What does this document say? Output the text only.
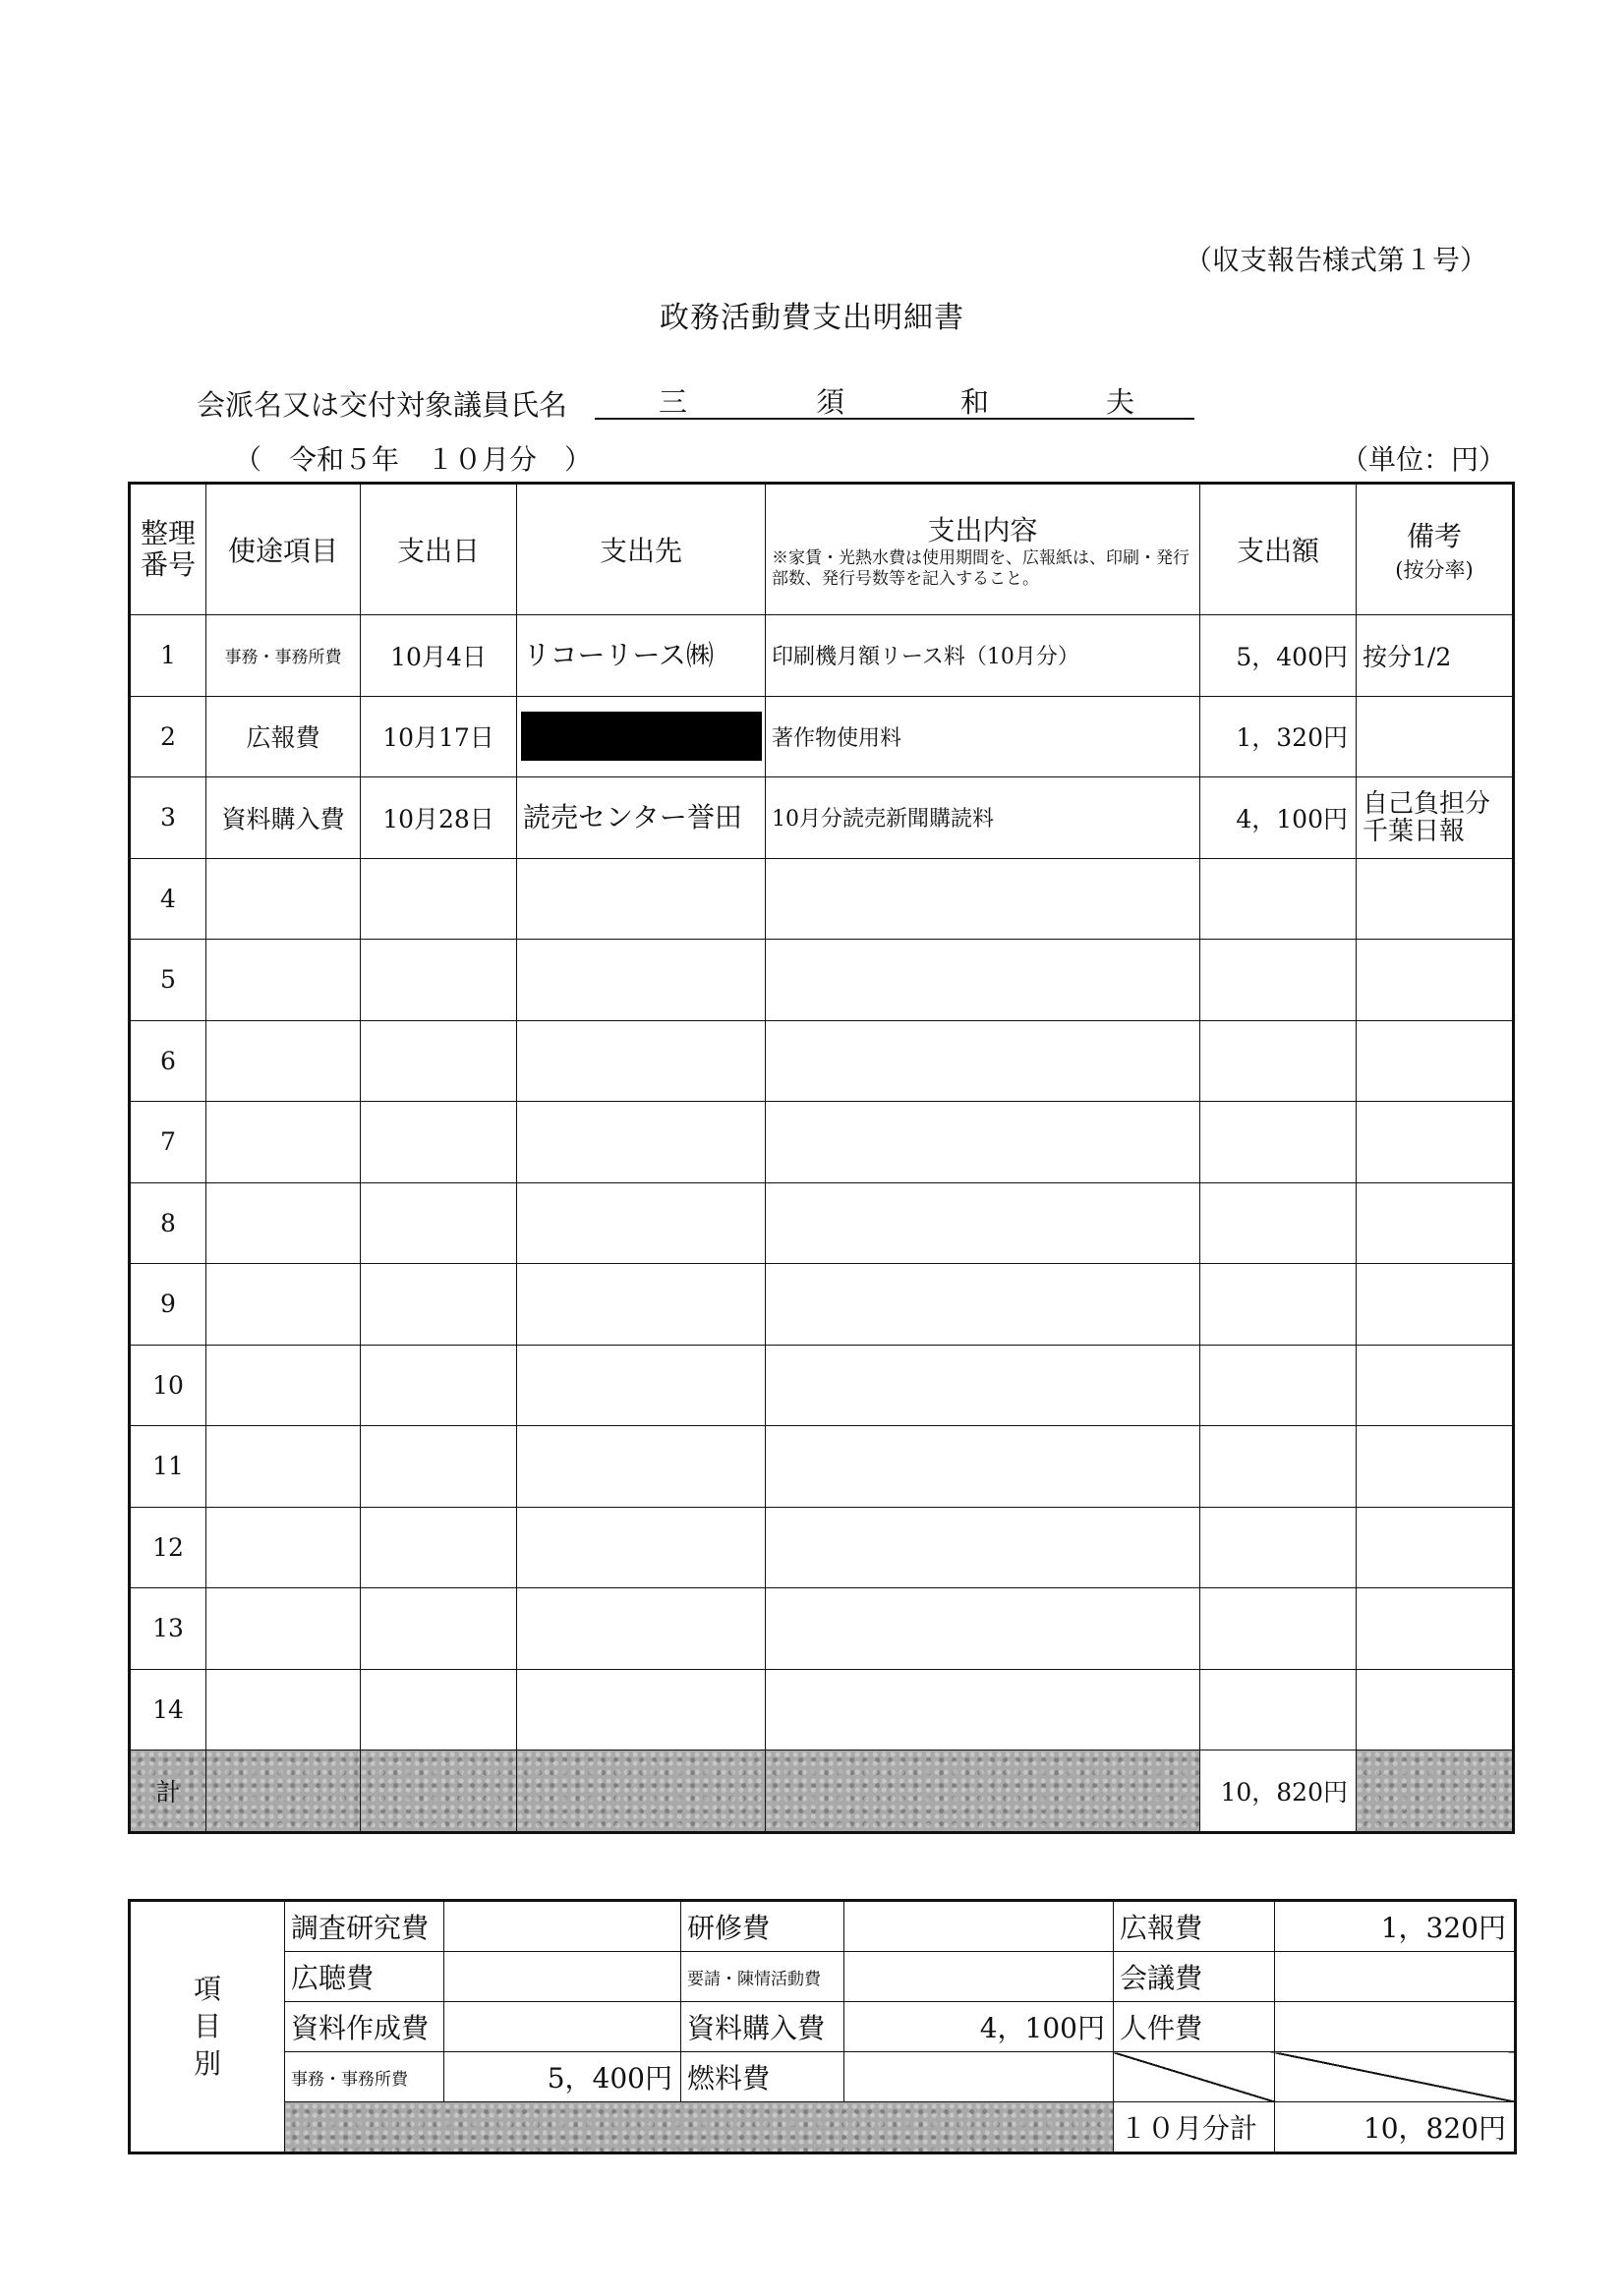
（収支報告様式第１号）
政務活動費支出明細書
会派名又は交付対象議員氏名	三	須	和	夫
（　令和５年　１０月分　）	（単位：円）
整理番号	使途項目	支出日	支出先	支出内容
※家賃・光熱水費は使用期間を、広報紙は、印刷・発行部数、発行号数等を記入すること。	支出額	備考
(按分率)

1	事務・事務所費	10月4日	リコーリース㈱	印刷機月額リース料（10月分）	5，400円	按分1/2
2	広報費	10月17日		著作物使用料	1，320円	
3	資料購入費	10月28日	読売センター誉田	10月分読売新聞購読料	4，100円	自己負担分千葉日報
4						
5						
6						
7						
8						
9						
10						
11						
12						
13						
14						
計					10，820円	
項目別	調査研究費		研修費		広報費	1，320円
	広聴費		要請・陳情活動費		会議費	
	資料作成費		資料購入費	4，100円	人件費	
	事務・事務所費	5，400円	燃料費			
					１０月分計	10，820円
